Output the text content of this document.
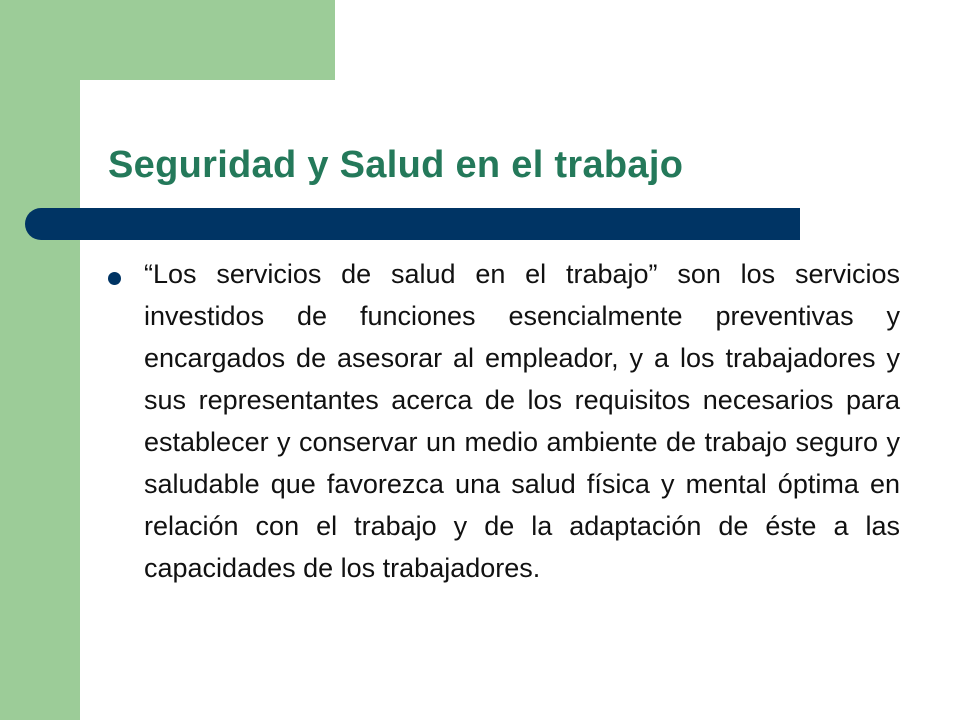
Seguridad y Salud en el trabajo

“Los servicios de salud en el trabajo” son los servicios investidos de funciones esencialmente preventivas y encargados de asesorar al empleador, y a los trabajadores y sus representantes acerca de los requisitos necesarios para establecer y conservar un medio ambiente de trabajo seguro y saludable que favorezca una salud física y mental óptima en relación con el trabajo y de la adaptación de éste a las capacidades de los trabajadores.
